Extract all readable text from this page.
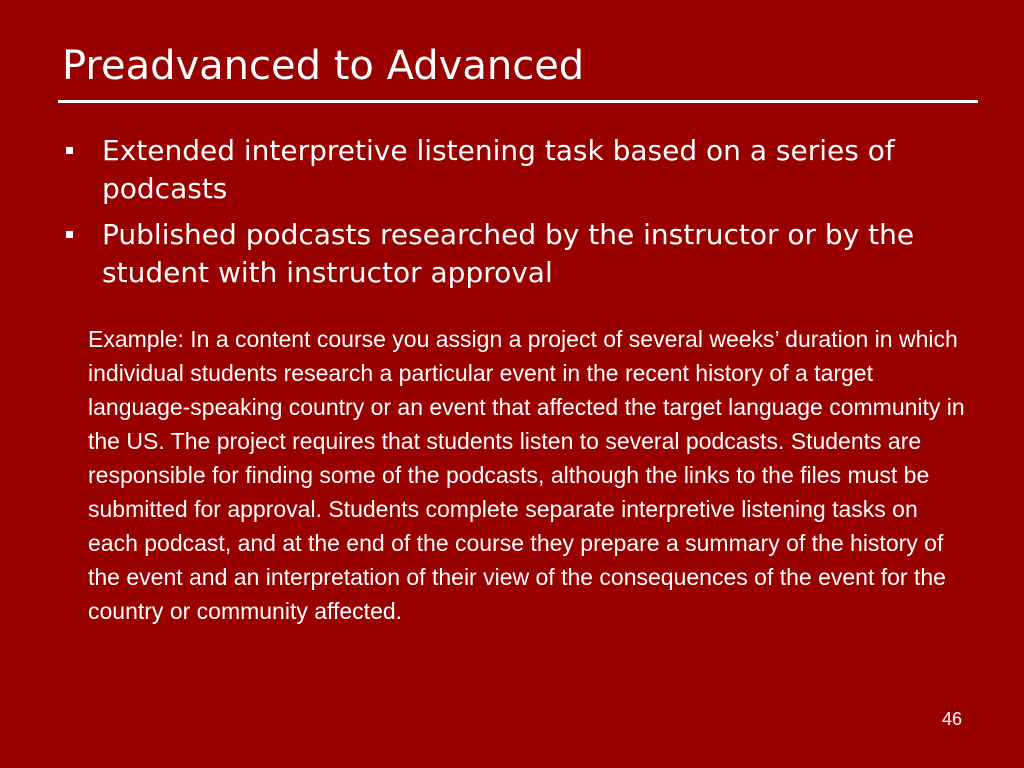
Preadvanced to Advanced
Extended interpretive listening task based on a series of podcasts
Published podcasts researched by the instructor or by the student with instructor approval

Example: In a content course you assign a project of several weeks’ duration in which individual students research a particular event in the recent history of a target language-speaking country or an event that affected the target language community in the US. The project requires that students listen to several podcasts. Students are responsible for finding some of the podcasts, although the links to the files must be submitted for approval. Students complete separate interpretive listening tasks on each podcast, and at the end of the course they prepare a summary of the history of the event and an interpretation of their view of the consequences of the event for the country or community affected.

46
